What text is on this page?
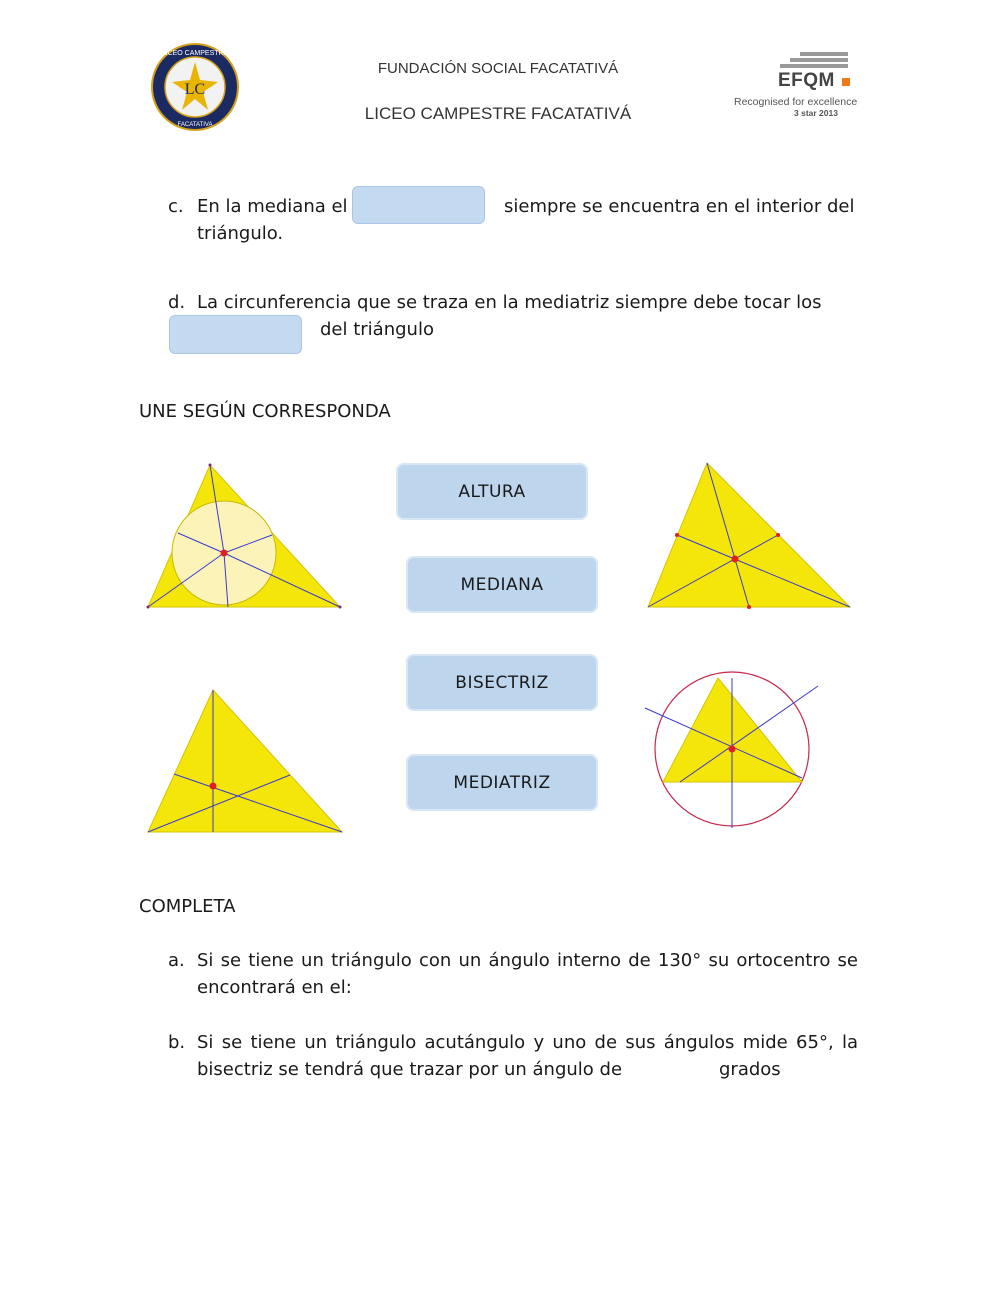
LC
LICEO CAMPESTRE
FACATATIVA
FUNDACIÓN SOCIAL FACATATIVÁ
LICEO CAMPESTRE FACATATIVÁ
EFQM
Recognised for excellence
3 star 2013
c. En la mediana el	siempre se encuentra en el interior del
triángulo.
d. La circunferencia que se traza en la mediatriz siempre debe tocar los
del triángulo
UNE SEGÚN CORRESPONDA
ALTURA
MEDIANA
BISECTRIZ
MEDIATRIZ
COMPLETA
a. Si se tiene un triángulo con un ángulo interno de 130° su ortocentro se
encontrará en el:
b. Si se tiene un triángulo acutángulo y uno de sus ángulos mide 65°, la
bisectriz se tendrá que trazar por un ángulo de	grados
